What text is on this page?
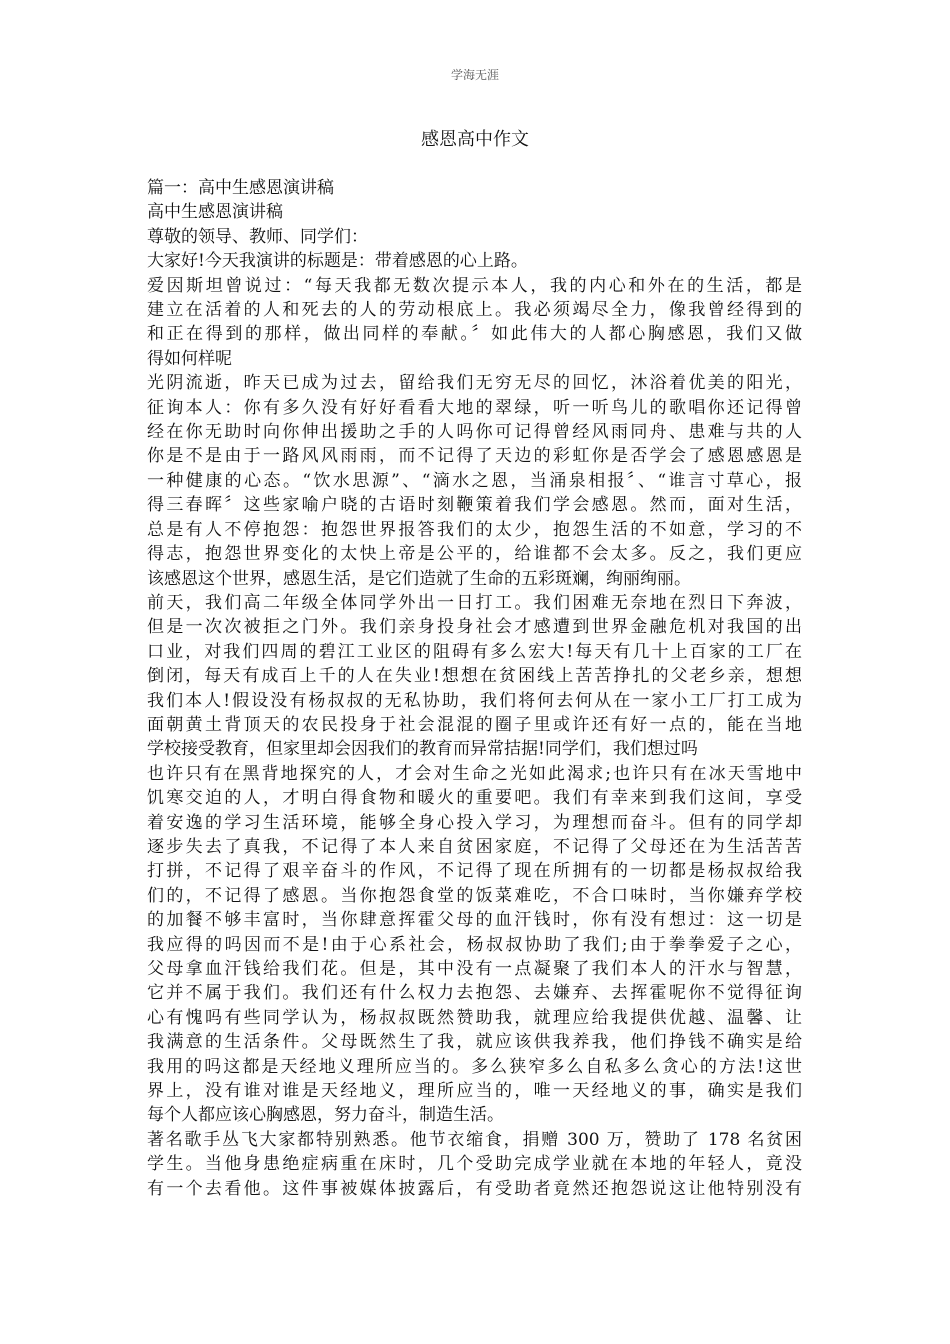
学海无涯
感恩高中作文
篇一：高中生感恩演讲稿
高中生感恩演讲稿
尊敬的领导、教师、同学们：
大家好!今天我演讲的标题是：带着感恩的心上路。
爱因斯坦曾说过：“每天我都无数次提示本人，我的内心和外在的生活，都是
建立在活着的人和死去的人的劳动根底上。我必须竭尽全力，像我曾经得到的
和正在得到的那样，做出同样的奉献。〞如此伟大的人都心胸感恩，我们又做
得如何样呢
光阴流逝，昨天已成为过去，留给我们无穷无尽的回忆，沐浴着优美的阳光，
征询本人：你有多久没有好好看看大地的翠绿，听一听鸟儿的歌唱你还记得曾
经在你无助时向你伸出援助之手的人吗你可记得曾经风雨同舟、患难与共的人
你是不是由于一路风风雨雨，而不记得了天边的彩虹你是否学会了感恩感恩是
一种健康的心态。“饮水思源”、“滴水之恩，当涌泉相报〞、“谁言寸草心，报
得三春晖〞这些家喻户晓的古语时刻鞭策着我们学会感恩。然而，面对生活，
总是有人不停抱怨：抱怨世界报答我们的太少，抱怨生活的不如意，学习的不
得志，抱怨世界变化的太快上帝是公平的，给谁都不会太多。反之，我们更应
该感恩这个世界，感恩生活，是它们造就了生命的五彩斑斓，绚丽绚丽。
前天，我们高二年级全体同学外出一日打工。我们困难无奈地在烈日下奔波，
但是一次次被拒之门外。我们亲身投身社会才感遭到世界金融危机对我国的出
口业，对我们四周的碧江工业区的阻碍有多么宏大!每天有几十上百家的工厂在
倒闭，每天有成百上千的人在失业!想想在贫困线上苦苦挣扎的父老乡亲，想想
我们本人!假设没有杨叔叔的无私协助，我们将何去何从在一家小工厂打工成为
面朝黄土背顶天的农民投身于社会混混的圈子里或许还有好一点的，能在当地
学校接受教育，但家里却会因我们的教育而异常拮据!同学们，我们想过吗
也许只有在黑背地探究的人，才会对生命之光如此渴求;也许只有在冰天雪地中
饥寒交迫的人，才明白得食物和暖火的重要吧。我们有幸来到我们这间，享受
着安逸的学习生活环境，能够全身心投入学习，为理想而奋斗。但有的同学却
逐步失去了真我，不记得了本人来自贫困家庭，不记得了父母还在为生活苦苦
打拼，不记得了艰辛奋斗的作风，不记得了现在所拥有的一切都是杨叔叔给我
们的，不记得了感恩。当你抱怨食堂的饭菜难吃，不合口味时，当你嫌弃学校
的加餐不够丰富时，当你肆意挥霍父母的血汗钱时，你有没有想过：这一切是
我应得的吗因而不是!由于心系社会，杨叔叔协助了我们;由于拳拳爱子之心，
父母拿血汗钱给我们花。但是，其中没有一点凝聚了我们本人的汗水与智慧，
它并不属于我们。我们还有什么权力去抱怨、去嫌弃、去挥霍呢你不觉得征询
心有愧吗有些同学认为，杨叔叔既然赞助我，就理应给我提供优越、温馨、让
我满意的生活条件。父母既然生了我，就应该供我养我，他们挣钱不确实是给
我用的吗这都是天经地义理所应当的。多么狭窄多么自私多么贪心的方法!这世
界上，没有谁对谁是天经地义，理所应当的，唯一天经地义的事，确实是我们
每个人都应该心胸感恩，努力奋斗，制造生活。
著名歌手丛飞大家都特别熟悉。他节衣缩食，捐赠 300 万，赞助了 178 名贫困
学生。当他身患绝症病重在床时，几个受助完成学业就在本地的年轻人，竟没
有一个去看他。这件事被媒体披露后，有受助者竟然还抱怨说这让他特别没有
